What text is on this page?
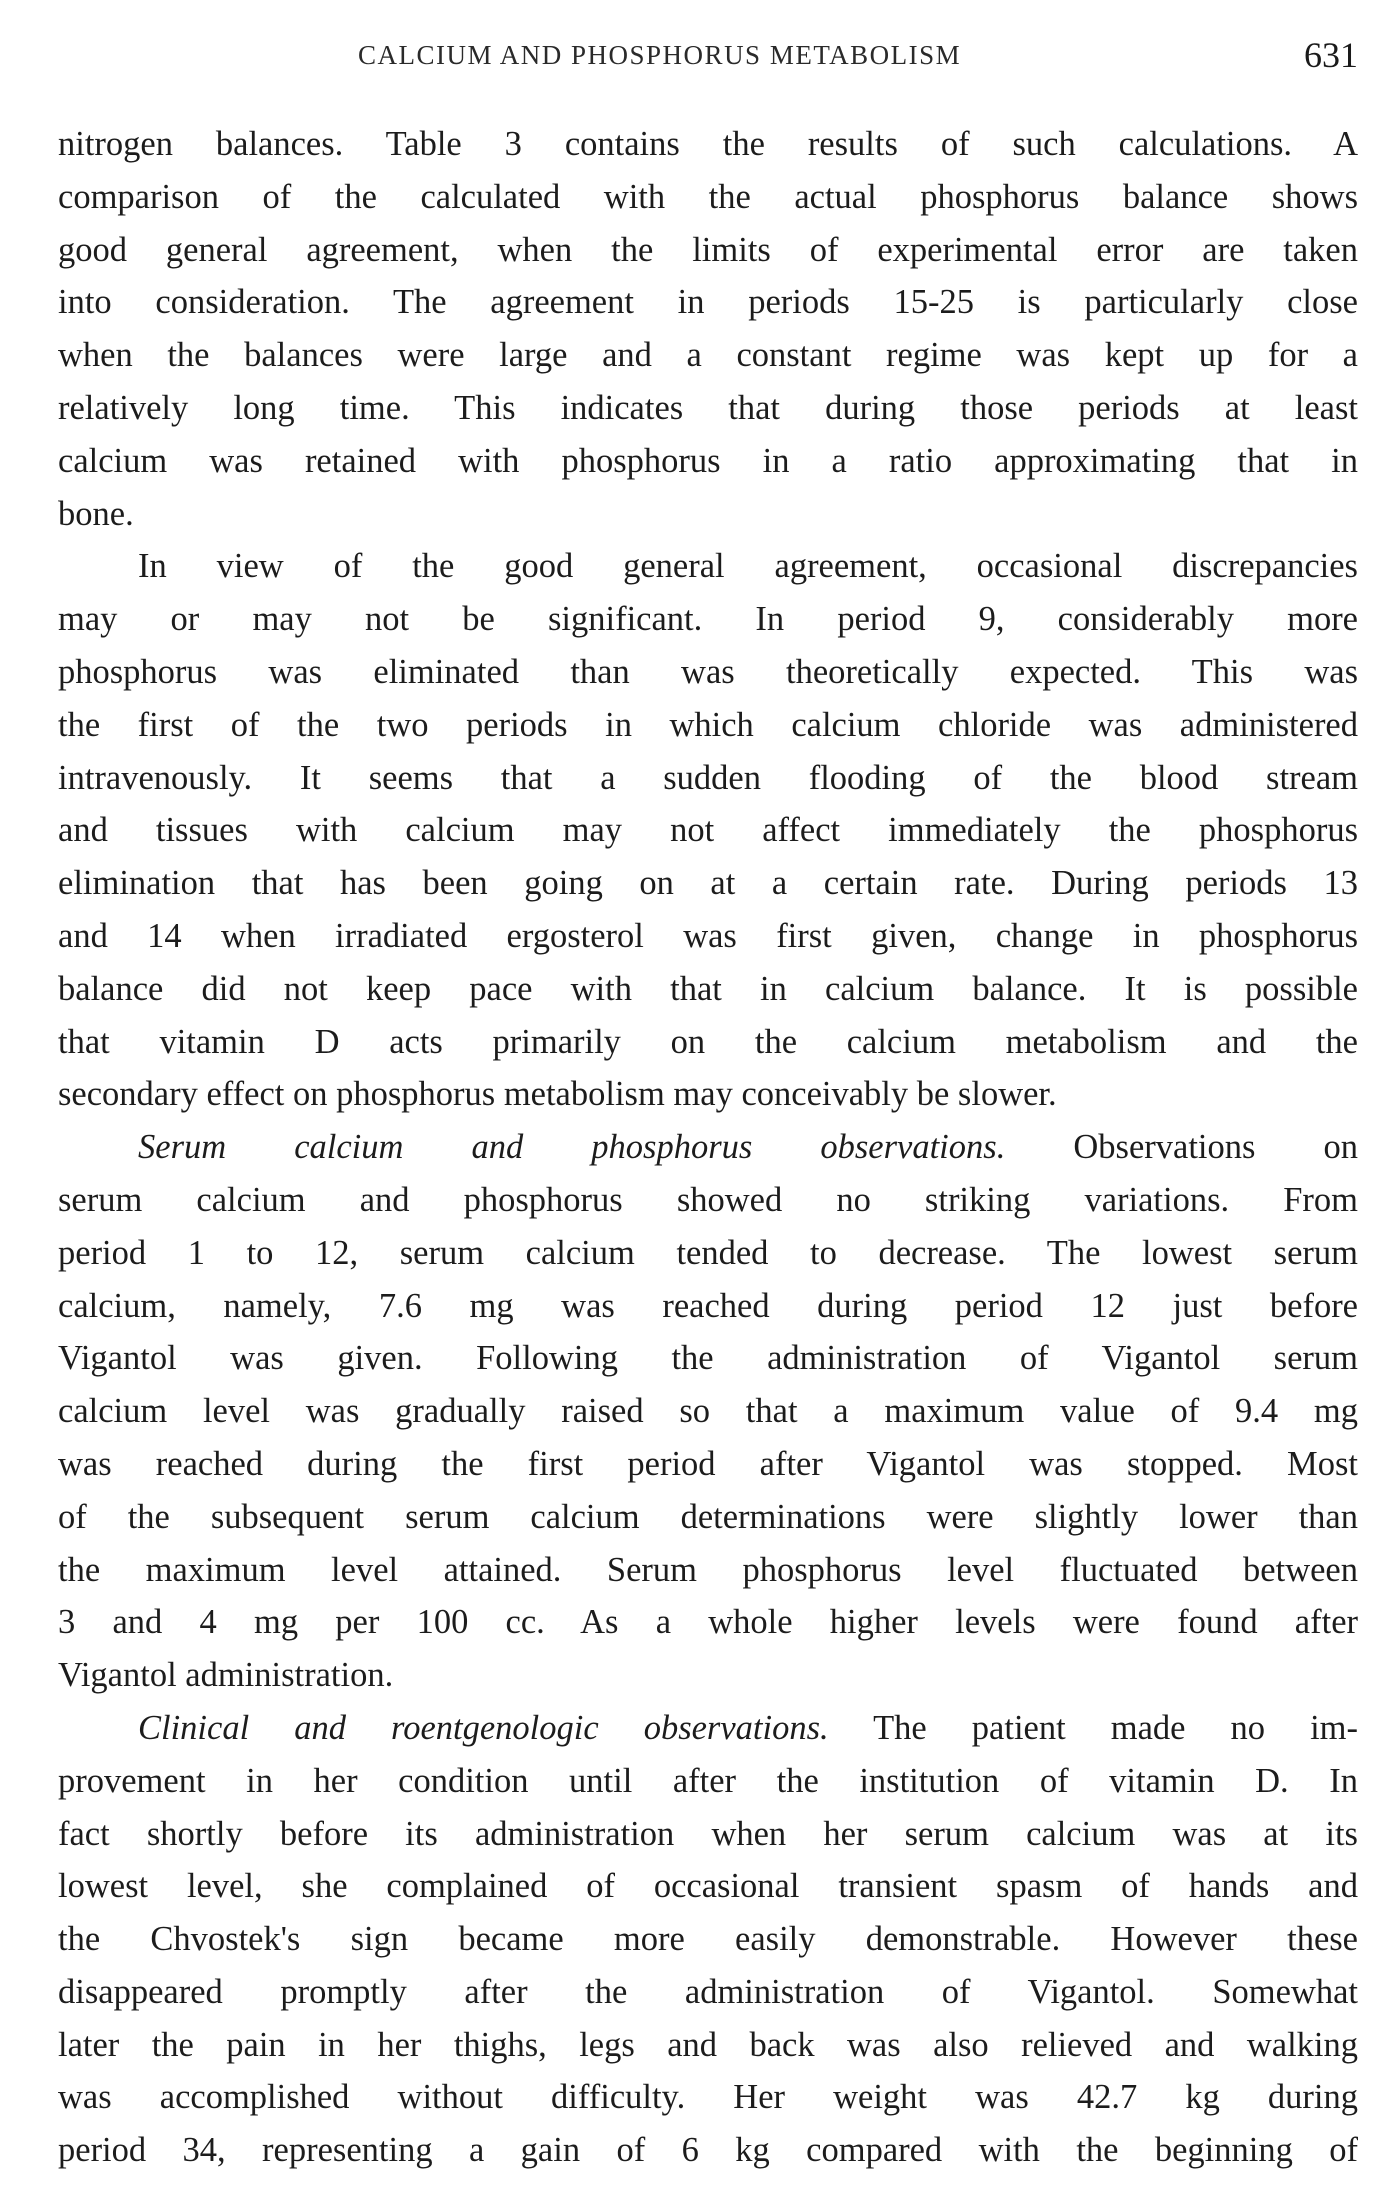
CALCIUM AND PHOSPHORUS METABOLISM	631
nitrogen balances. Table 3 contains the results of such calculations. A
comparison of the calculated with the actual phosphorus balance shows
good general agreement, when the limits of experimental error are taken
into consideration. The agreement in periods 15-25 is particularly close
when the balances were large and a constant regime was kept up for a
relatively long time. This indicates that during those periods at least
calcium was retained with phosphorus in a ratio approximating that in
bone.
In view of the good general agreement, occasional discrepancies
may or may not be significant. In period 9, considerably more
phosphorus was eliminated than was theoretically expected. This was
the first of the two periods in which calcium chloride was administered
intravenously. It seems that a sudden flooding of the blood stream
and tissues with calcium may not affect immediately the phosphorus
elimination that has been going on at a certain rate. During periods 13
and 14 when irradiated ergosterol was first given, change in phosphorus
balance did not keep pace with that in calcium balance. It is possible
that vitamin D acts primarily on the calcium metabolism and the
secondary effect on phosphorus metabolism may conceivably be slower.
Serum calcium and phosphorus observations. Observations on
serum calcium and phosphorus showed no striking variations. From
period 1 to 12, serum calcium tended to decrease. The lowest serum
calcium, namely, 7.6 mg was reached during period 12 just before
Vigantol was given. Following the administration of Vigantol serum
calcium level was gradually raised so that a maximum value of 9.4 mg
was reached during the first period after Vigantol was stopped. Most
of the subsequent serum calcium determinations were slightly lower than
the maximum level attained. Serum phosphorus level fluctuated between
3 and 4 mg per 100 cc. As a whole higher levels were found after
Vigantol administration.
Clinical and roentgenologic observations. The patient made no im-
provement in her condition until after the institution of vitamin D. In
fact shortly before its administration when her serum calcium was at its
lowest level, she complained of occasional transient spasm of hands and
the Chvostek's sign became more easily demonstrable. However these
disappeared promptly after the administration of Vigantol. Somewhat
later the pain in her thighs, legs and back was also relieved and walking
was accomplished without difficulty. Her weight was 42.7 kg during
period 34, representing a gain of 6 kg compared with the beginning of
